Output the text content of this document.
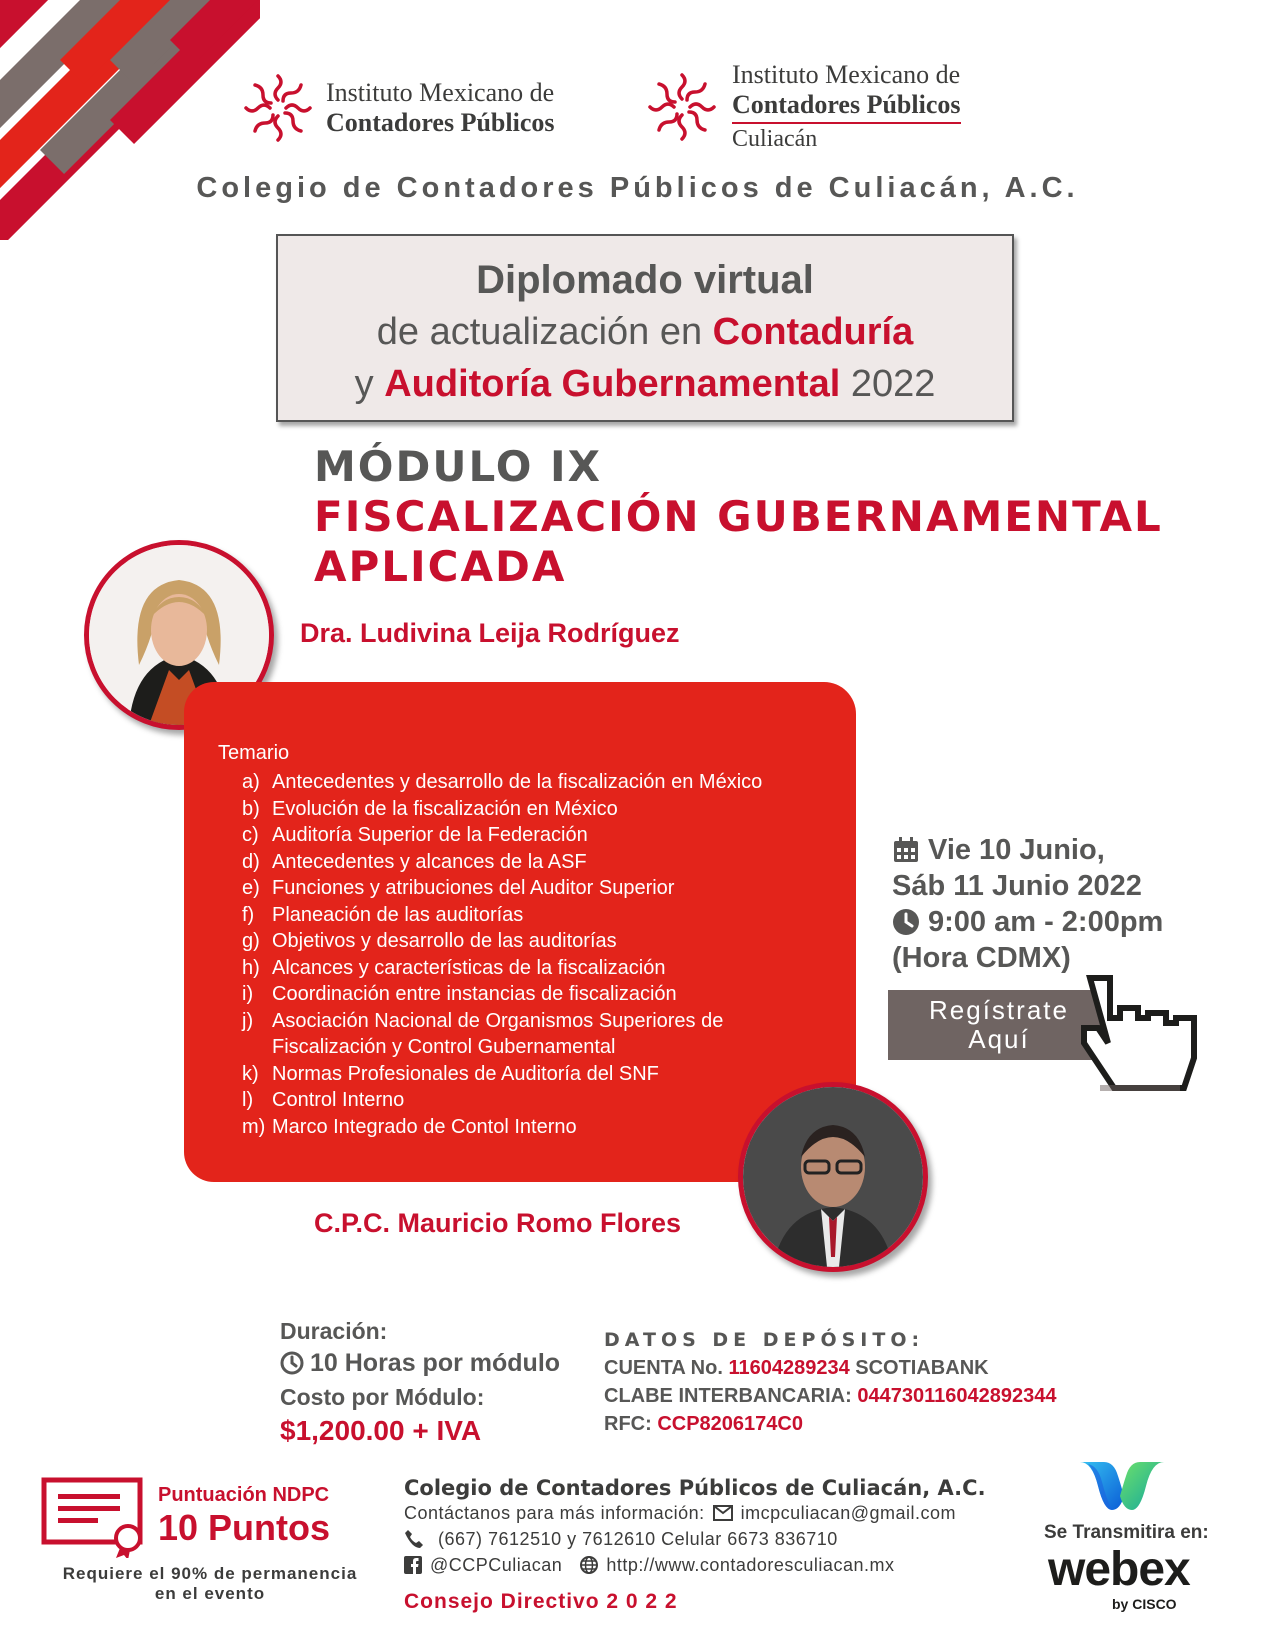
Instituto Mexicano de
Contadores Públicos
Instituto Mexicano de
Contadores Públicos
Culiacán
Colegio de Contadores Públicos de Culiacán, A.C.
Diplomado virtual
de actualización en Contaduría
y Auditoría Gubernamental 2022
MÓDULO IX
FISCALIZACIÓN GUBERNAMENTAL
APLICADA
Dra. Ludivina Leija Rodríguez
Temario
a) Antecedentes y desarrollo de la fiscalización en México
b) Evolución de la fiscalización en México
c) Auditoría Superior de la Federación
d) Antecedentes y alcances de la ASF
e) Funciones y atribuciones del Auditor Superior
f) Planeación de las auditorías
g) Objetivos y desarrollo de las auditorías
h) Alcances y características de la fiscalización
i) Coordinación entre instancias de fiscalización
j) Asociación Nacional de Organismos Superiores de
Fiscalización y Control Gubernamental
k) Normas Profesionales de Auditoría del SNF
l) Control Interno
m) Marco Integrado de Contol Interno
C.P.C. Mauricio Romo Flores
Vie 10 Junio,
Sáb 11 Junio 2022
9:00 am - 2:00pm
(Hora CDMX)
Regístrate
Aquí
Duración:
10 Horas por módulo
Costo por Módulo:
$1,200.00 + IVA
DATOS DE DEPÓSITO:
CUENTA No. 11604289234 SCOTIABANK
CLABE INTERBANCARIA: 044730116042892344
RFC: CCP8206174C0
Puntuación NDPC
10 Puntos
Requiere el 90% de permanencia
en el evento
Colegio de Contadores Públicos de Culiacán, A.C.
Contáctanos para más información: imcpculiacan@gmail.com
(667) 7612510 y 7612610 Celular 6673 836710
@CCPCuliacan http://www.contadoresculiacan.mx
Consejo Directivo 2 0 2 2
Se Transmitira en:
webex
by CISCO
